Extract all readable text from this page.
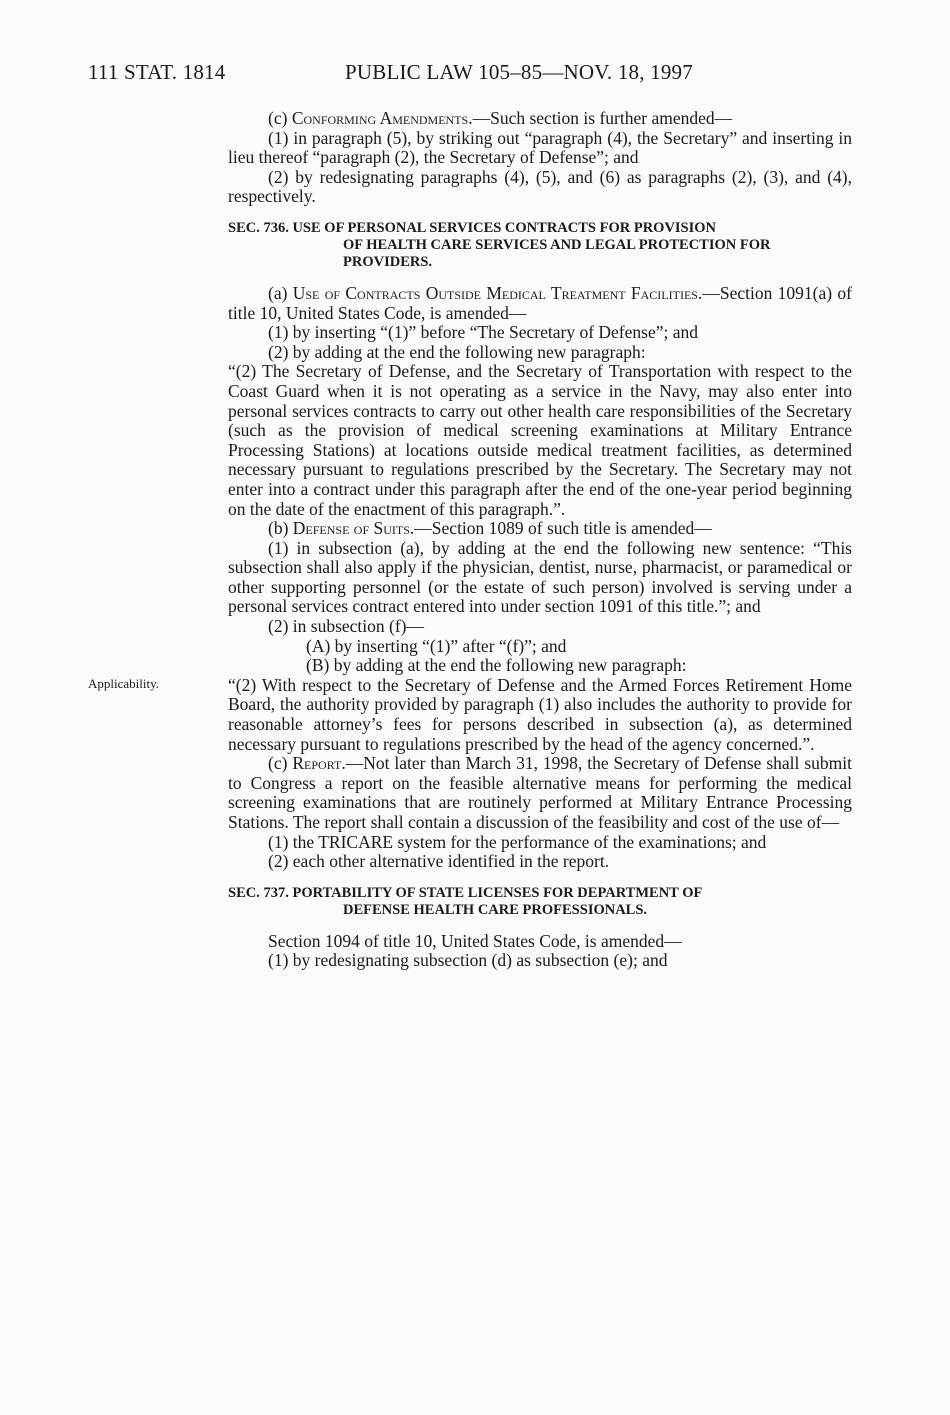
111 STAT. 1814	PUBLIC LAW 105–85—NOV. 18, 1997
Applicability.

(c) Conforming Amendments.—Such section is further amended—

(1) in paragraph (5), by striking out “paragraph (4), the Secretary” and inserting in lieu thereof “paragraph (2), the Secretary of Defense”; and

(2) by redesignating paragraphs (4), (5), and (6) as paragraphs (2), (3), and (4), respectively.

SEC. 736. USE OF PERSONAL SERVICES CONTRACTS FOR PROVISION
OF HEALTH CARE SERVICES AND LEGAL PROTECTION FOR PROVIDERS.

(a) Use of Contracts Outside Medical Treatment Facilities.—Section 1091(a) of title 10, United States Code, is amended—

(1) by inserting “(1)” before “The Secretary of Defense”; and

(2) by adding at the end the following new paragraph:

“(2) The Secretary of Defense, and the Secretary of Transportation with respect to the Coast Guard when it is not operating as a service in the Navy, may also enter into personal services contracts to carry out other health care responsibilities of the Secretary (such as the provision of medical screening examinations at Military Entrance Processing Stations) at locations outside medical treatment facilities, as determined necessary pursuant to regulations prescribed by the Secretary. The Secretary may not enter into a contract under this paragraph after the end of the one-year period beginning on the date of the enactment of this paragraph.”.

(b) Defense of Suits.—Section 1089 of such title is amended—

(1) in subsection (a), by adding at the end the following new sentence: “This subsection shall also apply if the physician, dentist, nurse, pharmacist, or paramedical or other supporting personnel (or the estate of such person) involved is serving under a personal services contract entered into under section 1091 of this title.”; and

(2) in subsection (f)—

(A) by inserting “(1)” after “(f)”; and

(B) by adding at the end the following new paragraph:

“(2) With respect to the Secretary of Defense and the Armed Forces Retirement Home Board, the authority provided by paragraph (1) also includes the authority to provide for reasonable attorney’s fees for persons described in subsection (a), as determined necessary pursuant to regulations prescribed by the head of the agency concerned.”.

(c) Report.—Not later than March 31, 1998, the Secretary of Defense shall submit to Congress a report on the feasible alternative means for performing the medical screening examinations that are routinely performed at Military Entrance Processing Stations. The report shall contain a discussion of the feasibility and cost of the use of—

(1) the TRICARE system for the performance of the examinations; and

(2) each other alternative identified in the report.

SEC. 737. PORTABILITY OF STATE LICENSES FOR DEPARTMENT OF
DEFENSE HEALTH CARE PROFESSIONALS.

Section 1094 of title 10, United States Code, is amended—

(1) by redesignating subsection (d) as subsection (e); and
